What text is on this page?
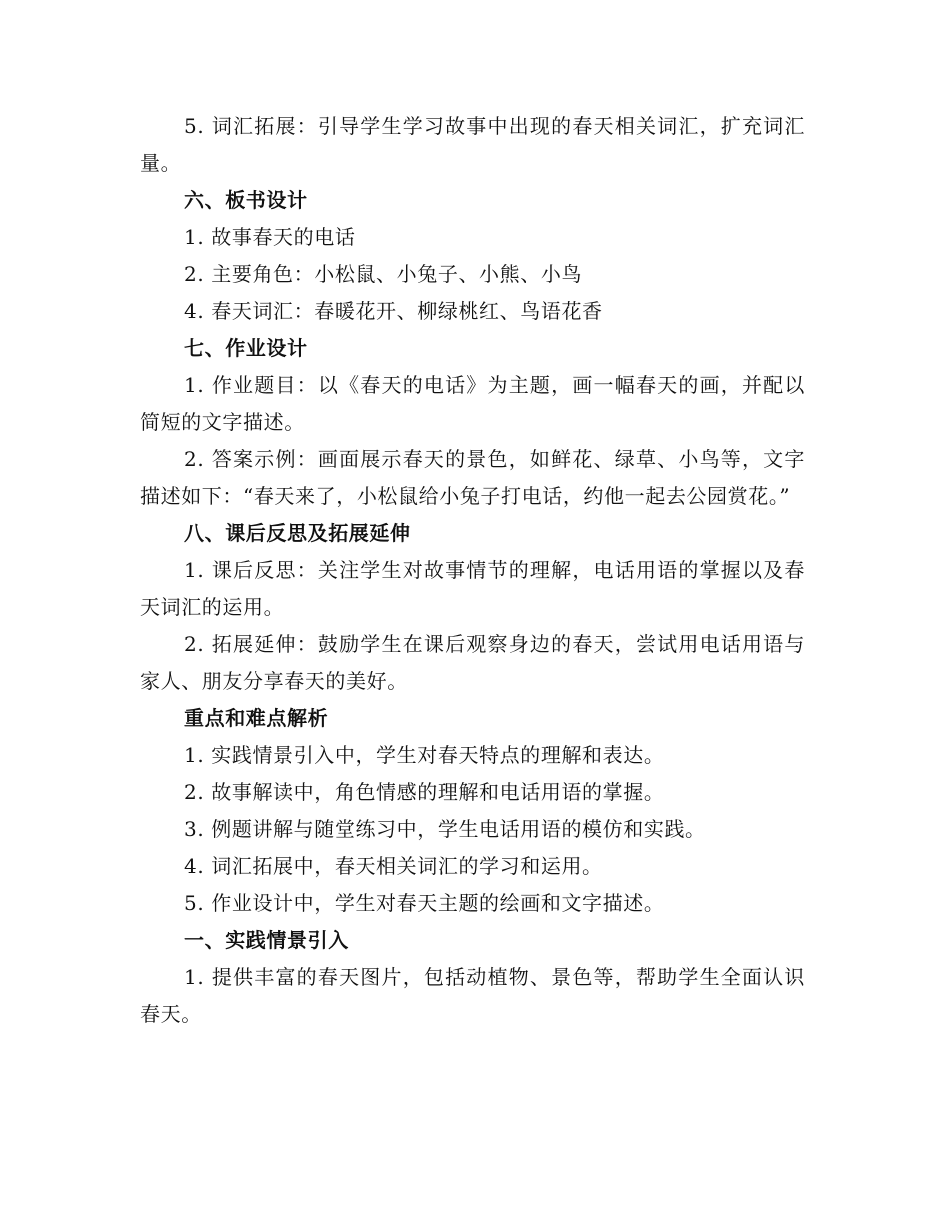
5. 词汇拓展：引导学生学习故事中出现的春天相关词汇，扩充词汇量。

六、板书设计

1. 故事春天的电话

2. 主要角色：小松鼠、小兔子、小熊、小鸟

4. 春天词汇：春暖花开、柳绿桃红、鸟语花香

七、作业设计

1. 作业题目：以《春天的电话》为主题，画一幅春天的画，并配以简短的文字描述。

2. 答案示例：画面展示春天的景色，如鲜花、绿草、小鸟等，文字描述如下：“春天来了，小松鼠给小兔子打电话，约他一起去公园赏花。”

八、课后反思及拓展延伸

1. 课后反思：关注学生对故事情节的理解，电话用语的掌握以及春天词汇的运用。

2. 拓展延伸：鼓励学生在课后观察身边的春天，尝试用电话用语与家人、朋友分享春天的美好。

重点和难点解析

1. 实践情景引入中，学生对春天特点的理解和表达。

2. 故事解读中，角色情感的理解和电话用语的掌握。

3. 例题讲解与随堂练习中，学生电话用语的模仿和实践。

4. 词汇拓展中，春天相关词汇的学习和运用。

5. 作业设计中，学生对春天主题的绘画和文字描述。

一、实践情景引入

1. 提供丰富的春天图片，包括动植物、景色等，帮助学生全面认识春天。
